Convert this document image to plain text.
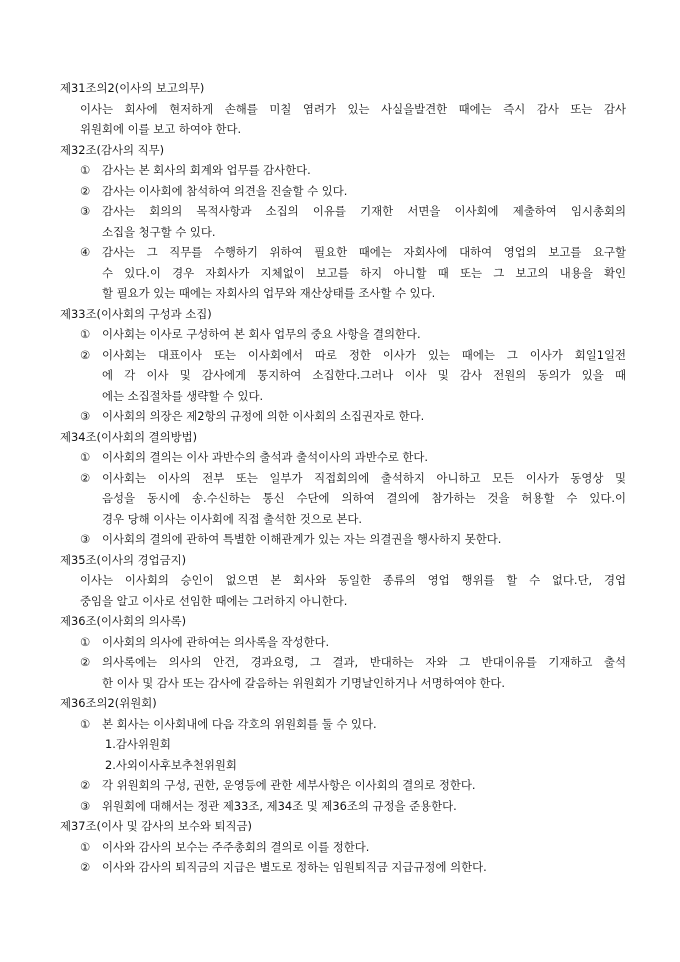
제31조의2(이사의 보고의무)
이사는 회사에 현저하게 손해를 미칠 염려가 있는 사실을발견한 때에는 즉시 감사 또는 감사
위원회에 이를 보고 하여야 한다.
제32조(감사의 직무)
①	감사는 본 회사의 회계와 업무를 감사한다.
②	감사는 이사회에 참석하여 의견을 진술할 수 있다.
③	감사는 회의의 목적사항과 소집의 이유를 기재한 서면을 이사회에 제출하여 임시총회의
소집을 청구할 수 있다.
④	감사는 그 직무를 수행하기 위하여 필요한 때에는 자회사에 대하여 영업의 보고를 요구할
수 있다.이 경우 자회사가 지체없이 보고를 하지 아니할 때 또는 그 보고의 내용을 확인
할 필요가 있는 때에는 자회사의 업무와 재산상태를 조사할 수 있다.
제33조(이사회의 구성과 소집)
①	이사회는 이사로 구성하여 본 회사 업무의 중요 사항을 결의한다.
②	이사회는 대표이사 또는 이사회에서 따로 정한 이사가 있는 때에는 그 이사가 회일1일전
에 각 이사 및 감사에게 통지하여 소집한다.그러나 이사 및 감사 전원의 동의가 있을 때
에는 소집절차를 생략할 수 있다.
③	이사회의 의장은 제2항의 규정에 의한 이사회의 소집권자로 한다.
제34조(이사회의 결의방법)
①	이사회의 결의는 이사 과반수의 출석과 출석이사의 과반수로 한다.
②	이사회는 이사의 전부 또는 일부가 직접회의에 출석하지 아니하고 모든 이사가 동영상 및
음성을 동시에 송.수신하는 통신 수단에 의하여 결의에 참가하는 것을 허용할 수 있다.이
경우 당해 이사는 이사회에 직접 출석한 것으로 본다.
③	이사회의 결의에 관하여 특별한 이해관계가 있는 자는 의결권을 행사하지 못한다.
제35조(이사의 경업금지)
이사는 이사회의 승인이 없으면 본 회사와 동일한 종류의 영업 행위를 할 수 없다.단, 경업
중임을 알고 이사로 선임한 때에는 그러하지 아니한다.
제36조(이사회의 의사록)
①	이사회의 의사에 관하여는 의사록을 작성한다.
②	의사록에는 의사의 안건, 경과요령, 그 결과, 반대하는 자와 그 반대이유를 기재하고 출석
한 이사 및 감사 또는 감사에 갈음하는 위원회가 기명날인하거나 서명하여야 한다.
제36조의2(위원회)
①	본 회사는 이사회내에 다음 각호의 위원회를 둘 수 있다.
1.감사위원회
2.사외이사후보추천위원회
②	각 위원회의 구성, 권한, 운영등에 관한 세부사항은 이사회의 결의로 정한다.
③	위원회에 대해서는 정관 제33조, 제34조 및 제36조의 규정을 준용한다.
제37조(이사 및 감사의 보수와 퇴직금)
①	이사와 감사의 보수는 주주총회의 결의로 이를 정한다.
②	이사와 감사의 퇴직금의 지급은 별도로 정하는 임원퇴직금 지급규정에 의한다.
